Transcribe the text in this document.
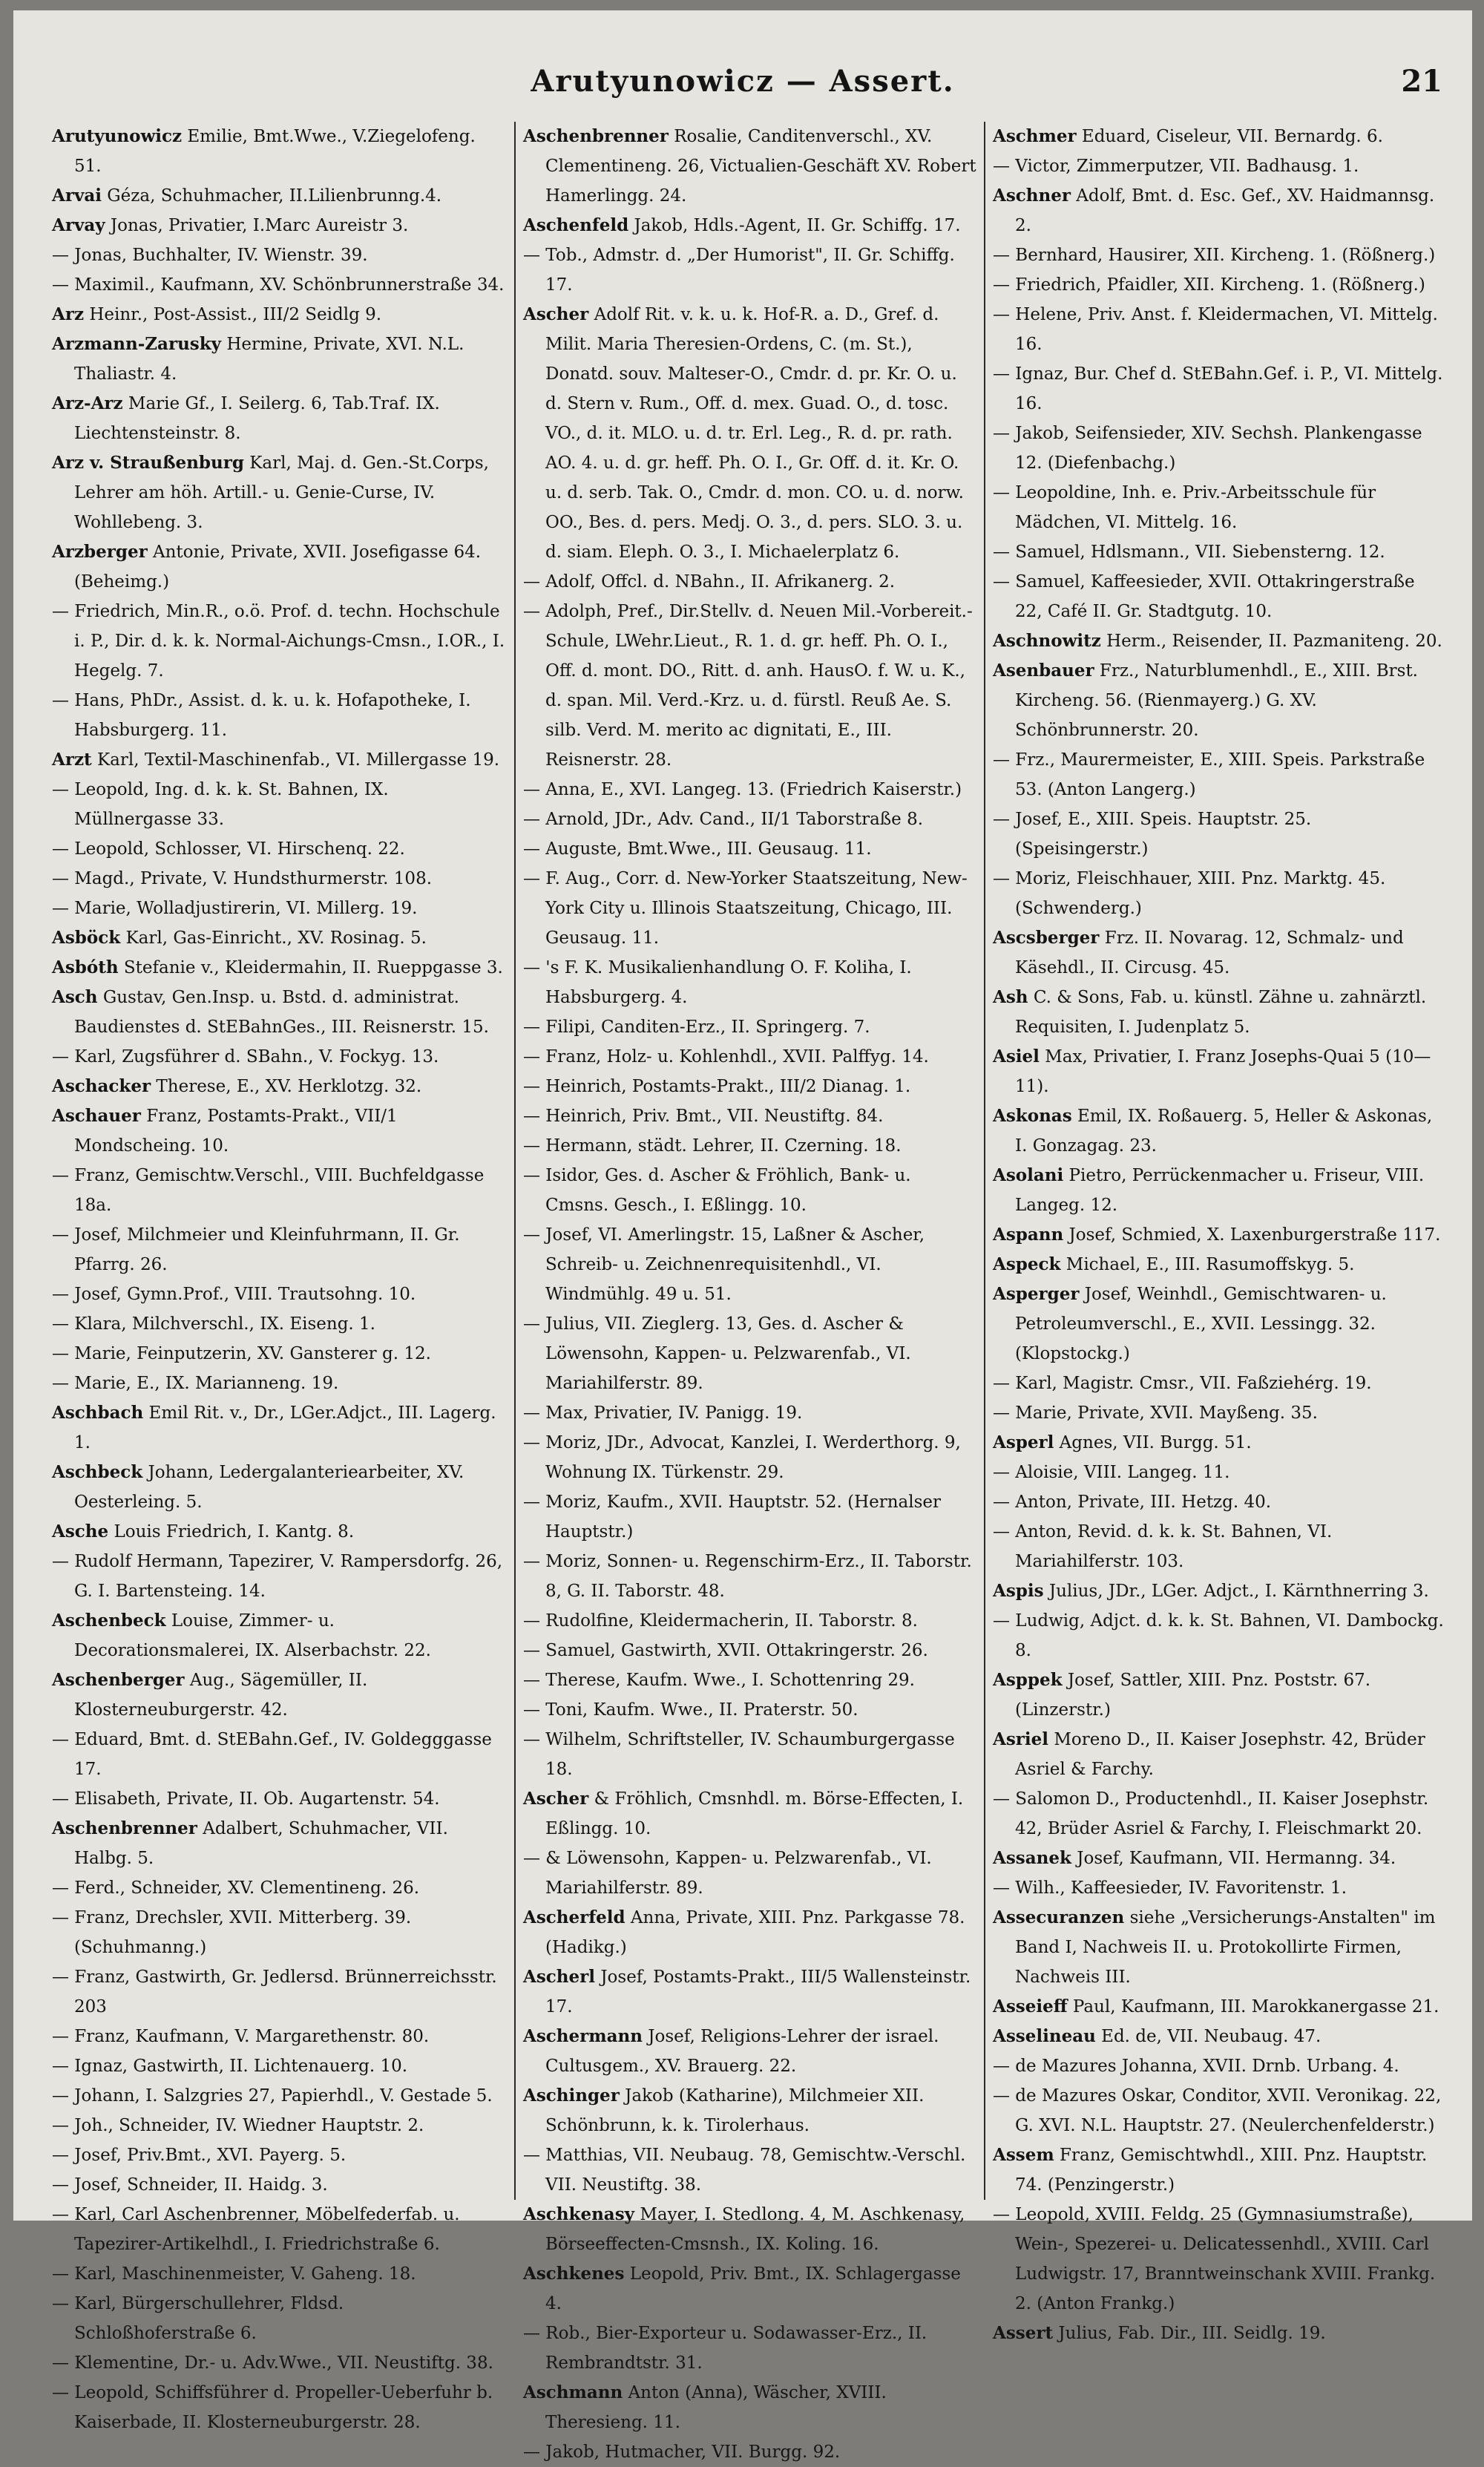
Arutyunowicz — Assert.	21
Arutyunowicz Emilie, Bmt.Wwe., V.Ziegelofeng. 51.
Arvai Géza, Schuhmacher, II.Lilienbrunng.4.
Arvay Jonas, Privatier, I.Marc Aureistr 3.
— Jonas, Buchhalter, IV. Wienstr. 39.
— Maximil., Kaufmann, XV. Schönbrunnerstraße 34.
Arz Heinr., Post-Assist., III/2 Seidlg 9.
Arzmann-Zarusky Hermine, Private, XVI. N.L. Thaliastr. 4.
Arz-Arz Marie Gf., I. Seilerg. 6, Tab.Traf. IX. Liechtensteinstr. 8.
Arz v. Straußenburg Karl, Maj. d. Gen.-St.Corps, Lehrer am höh. Artill.- u. Genie-Curse, IV. Wohllebeng. 3.
Arzberger Antonie, Private, XVII. Josefigasse 64. (Beheimg.)
— Friedrich, Min.R., o.ö. Prof. d. techn. Hochschule i. P., Dir. d. k. k. Normal-Aichungs-Cmsn., I.OR., I. Hegelg. 7.
— Hans, PhDr., Assist. d. k. u. k. Hofapotheke, I. Habsburgerg. 11.
Arzt Karl, Textil-Maschinenfab., VI. Millergasse 19.
— Leopold, Ing. d. k. k. St. Bahnen, IX. Müllnergasse 33.
— Leopold, Schlosser, VI. Hirschenq. 22.
— Magd., Private, V. Hundsthurmerstr. 108.
— Marie, Wolladjustirerin, VI. Millerg. 19.
Asböck Karl, Gas-Einricht., XV. Rosinag. 5.
Asbóth Stefanie v., Kleidermahin, II. Rueppgasse 3.
Asch Gustav, Gen.Insp. u. Bstd. d. administrat. Baudienstes d. StEBahnGes., III. Reisnerstr. 15.
— Karl, Zugsführer d. SBahn., V. Fockyg. 13.
Aschacker Therese, E., XV. Herklotzg. 32.
Aschauer Franz, Postamts-Prakt., VII/1 Mondscheing. 10.
— Franz, Gemischtw.Verschl., VIII. Buchfeldgasse 18a.
— Josef, Milchmeier und Kleinfuhrmann, II. Gr. Pfarrg. 26.
— Josef, Gymn.Prof., VIII. Trautsohng. 10.
— Klara, Milchverschl., IX. Eiseng. 1.
— Marie, Feinputzerin, XV. Gansterer g. 12.
— Marie, E., IX. Marianneng. 19.
Aschbach Emil Rit. v., Dr., LGer.Adjct., III. Lagerg. 1.
Aschbeck Johann, Ledergalanteriearbeiter, XV. Oesterleing. 5.
Asche Louis Friedrich, I. Kantg. 8.
— Rudolf Hermann, Tapezirer, V. Rampersdorfg. 26, G. I. Bartensteing. 14.
Aschenbeck Louise, Zimmer- u. Decorationsmalerei, IX. Alserbachstr. 22.
Aschenberger Aug., Sägemüller, II. Klosterneuburgerstr. 42.
— Eduard, Bmt. d. StEBahn.Gef., IV. Goldegggasse 17.
— Elisabeth, Private, II. Ob. Augartenstr. 54.
Aschenbrenner Adalbert, Schuhmacher, VII. Halbg. 5.
— Ferd., Schneider, XV. Clementineng. 26.
— Franz, Drechsler, XVII. Mitterberg. 39. (Schuhmanng.)
— Franz, Gastwirth, Gr. Jedlersd. Brünnerreichsstr. 203
— Franz, Kaufmann, V. Margarethenstr. 80.
— Ignaz, Gastwirth, II. Lichtenauerg. 10.
— Johann, I. Salzgries 27, Papierhdl., V. Gestade 5.
— Joh., Schneider, IV. Wiedner Hauptstr. 2.
— Josef, Priv.Bmt., XVI. Payerg. 5.
— Josef, Schneider, II. Haidg. 3.
— Karl, Carl Aschenbrenner, Möbelfederfab. u. Tapezirer-Artikelhdl., I. Friedrichstraße 6.
— Karl, Maschinenmeister, V. Gaheng. 18.
— Karl, Bürgerschullehrer, Fldsd. Schloßhoferstraße 6.
— Klementine, Dr.- u. Adv.Wwe., VII. Neustiftg. 38.
— Leopold, Schiffsführer d. Propeller-Ueberfuhr b. Kaiserbade, II. Klosterneuburgerstr. 28.
Aschenbrenner Rosalie, Canditenverschl., XV. Clementineng. 26, Victualien-Geschäft XV. Robert Hamerlingg. 24.
Aschenfeld Jakob, Hdls.-Agent, II. Gr. Schiffg. 17.
— Tob., Admstr. d. „Der Humorist", II. Gr. Schiffg. 17.
Ascher Adolf Rit. v. k. u. k. Hof-R. a. D., Gref. d. Milit. Maria Theresien-Ordens, C. (m. St.), Donatd. souv. Malteser-O., Cmdr. d. pr. Kr. O. u. d. Stern v. Rum., Off. d. mex. Guad. O., d. tosc. VO., d. it. MLO. u. d. tr. Erl. Leg., R. d. pr. rath. AO. 4. u. d. gr. heff. Ph. O. I., Gr. Off. d. it. Kr. O. u. d. serb. Tak. O., Cmdr. d. mon. CO. u. d. norw. OO., Bes. d. pers. Medj. O. 3., d. pers. SLO. 3. u. d. siam. Eleph. O. 3., I. Michaelerplatz 6.
— Adolf, Offcl. d. NBahn., II. Afrikanerg. 2.
— Adolph, Pref., Dir.Stellv. d. Neuen Mil.-Vorbereit.-Schule, LWehr.Lieut., R. 1. d. gr. heff. Ph. O. I., Off. d. mont. DO., Ritt. d. anh. HausO. f. W. u. K., d. span. Mil. Verd.-Krz. u. d. fürstl. Reuß Ae. S. silb. Verd. M. merito ac dignitati, E., III. Reisnerstr. 28.
— Anna, E., XVI. Langeg. 13. (Friedrich Kaiserstr.)
— Arnold, JDr., Adv. Cand., II/1 Taborstraße 8.
— Auguste, Bmt.Wwe., III. Geusaug. 11.
— F. Aug., Corr. d. New-Yorker Staatszeitung, New-York City u. Illinois Staatszeitung, Chicago, III. Geusaug. 11.
— 's F. K. Musikalienhandlung O. F. Koliha, I. Habsburgerg. 4.
— Filipi, Canditen-Erz., II. Springerg. 7.
— Franz, Holz- u. Kohlenhdl., XVII. Palffyg. 14.
— Heinrich, Postamts-Prakt., III/2 Dianag. 1.
— Heinrich, Priv. Bmt., VII. Neustiftg. 84.
— Hermann, städt. Lehrer, II. Czerning. 18.
— Isidor, Ges. d. Ascher & Fröhlich, Bank- u. Cmsns. Gesch., I. Eßlingg. 10.
— Josef, VI. Amerlingstr. 15, Laßner & Ascher, Schreib- u. Zeichnenrequisitenhdl., VI. Windmühlg. 49 u. 51.
— Julius, VII. Zieglerg. 13, Ges. d. Ascher & Löwensohn, Kappen- u. Pelzwarenfab., VI. Mariahilferstr. 89.
— Max, Privatier, IV. Panigg. 19.
— Moriz, JDr., Advocat, Kanzlei, I. Werderthorg. 9, Wohnung IX. Türkenstr. 29.
— Moriz, Kaufm., XVII. Hauptstr. 52. (Hernalser Hauptstr.)
— Moriz, Sonnen- u. Regenschirm-Erz., II. Taborstr. 8, G. II. Taborstr. 48.
— Rudolfine, Kleidermacherin, II. Taborstr. 8.
— Samuel, Gastwirth, XVII. Ottakringerstr. 26.
— Therese, Kaufm. Wwe., I. Schottenring 29.
— Toni, Kaufm. Wwe., II. Praterstr. 50.
— Wilhelm, Schriftsteller, IV. Schaumburgergasse 18.
Ascher & Fröhlich, Cmsnhdl. m. Börse-Effecten, I. Eßlingg. 10.
— & Löwensohn, Kappen- u. Pelzwarenfab., VI. Mariahilferstr. 89.
Ascherfeld Anna, Private, XIII. Pnz. Parkgasse 78. (Hadikg.)
Ascherl Josef, Postamts-Prakt., III/5 Wallensteinstr. 17.
Aschermann Josef, Religions-Lehrer der israel. Cultusgem., XV. Brauerg. 22.
Aschinger Jakob (Katharine), Milchmeier XII. Schönbrunn, k. k. Tirolerhaus.
— Matthias, VII. Neubaug. 78, Gemischtw.-Verschl. VII. Neustiftg. 38.
Aschkenasy Mayer, I. Stedlong. 4, M. Aschkenasy, Börseeffecten-Cmsnsh., IX. Koling. 16.
Aschkenes Leopold, Priv. Bmt., IX. Schlagergasse 4.
— Rob., Bier-Exporteur u. Sodawasser-Erz., II. Rembrandtstr. 31.
Aschmann Anton (Anna), Wäscher, XVIII. Theresieng. 11.
— Jakob, Hutmacher, VII. Burgg. 92.
Aschmer Eduard, Ciseleur, VII. Bernardg. 6.
— Victor, Zimmerputzer, VII. Badhausg. 1.
Aschner Adolf, Bmt. d. Esc. Gef., XV. Haidmannsg. 2.
— Bernhard, Hausirer, XII. Kircheng. 1. (Rößnerg.)
— Friedrich, Pfaidler, XII. Kircheng. 1. (Rößnerg.)
— Helene, Priv. Anst. f. Kleidermachen, VI. Mittelg. 16.
— Ignaz, Bur. Chef d. StEBahn.Gef. i. P., VI. Mittelg. 16.
— Jakob, Seifensieder, XIV. Sechsh. Plankengasse 12. (Diefenbachg.)
— Leopoldine, Inh. e. Priv.-Arbeitsschule für Mädchen, VI. Mittelg. 16.
— Samuel, Hdlsmann., VII. Siebensterng. 12.
— Samuel, Kaffeesieder, XVII. Ottakringerstraße 22, Café II. Gr. Stadtgutg. 10.
Aschnowitz Herm., Reisender, II. Pazmaniteng. 20.
Asenbauer Frz., Naturblumenhdl., E., XIII. Brst. Kircheng. 56. (Rienmayerg.) G. XV. Schönbrunnerstr. 20.
— Frz., Maurermeister, E., XIII. Speis. Parkstraße 53. (Anton Langerg.)
— Josef, E., XIII. Speis. Hauptstr. 25. (Speisingerstr.)
— Moriz, Fleischhauer, XIII. Pnz. Marktg. 45. (Schwenderg.)
Ascsberger Frz. II. Novarag. 12, Schmalz- und Käsehdl., II. Circusg. 45.
Ash C. & Sons, Fab. u. künstl. Zähne u. zahnärztl. Requisiten, I. Judenplatz 5.
Asiel Max, Privatier, I. Franz Josephs-Quai 5 (10—11).
Askonas Emil, IX. Roßauerg. 5, Heller & Askonas, I. Gonzagag. 23.
Asolani Pietro, Perrückenmacher u. Friseur, VIII. Langeg. 12.
Aspann Josef, Schmied, X. Laxenburgerstraße 117.
Aspeck Michael, E., III. Rasumoffskyg. 5.
Asperger Josef, Weinhdl., Gemischtwaren- u. Petroleumverschl., E., XVII. Lessingg. 32. (Klopstockg.)
— Karl, Magistr. Cmsr., VII. Faßziehérg. 19.
— Marie, Private, XVII. Mayßeng. 35.
Asperl Agnes, VII. Burgg. 51.
— Aloisie, VIII. Langeg. 11.
— Anton, Private, III. Hetzg. 40.
— Anton, Revid. d. k. k. St. Bahnen, VI. Mariahilferstr. 103.
Aspis Julius, JDr., LGer. Adjct., I. Kärnthnerring 3.
— Ludwig, Adjct. d. k. k. St. Bahnen, VI. Dambockg. 8.
Asppek Josef, Sattler, XIII. Pnz. Poststr. 67. (Linzerstr.)
Asriel Moreno D., II. Kaiser Josephstr. 42, Brüder Asriel & Farchy.
— Salomon D., Productenhdl., II. Kaiser Josephstr. 42, Brüder Asriel & Farchy, I. Fleischmarkt 20.
Assanek Josef, Kaufmann, VII. Hermanng. 34.
— Wilh., Kaffeesieder, IV. Favoritenstr. 1.
Assecuranzen siehe „Versicherungs-Anstalten" im Band I, Nachweis II. u. Protokollirte Firmen, Nachweis III.
Asseieff Paul, Kaufmann, III. Marokkanergasse 21.
Asselineau Ed. de, VII. Neubaug. 47.
— de Mazures Johanna, XVII. Drnb. Urbang. 4.
— de Mazures Oskar, Conditor, XVII. Veronikag. 22, G. XVI. N.L. Hauptstr. 27. (Neulerchenfelderstr.)
Assem Franz, Gemischtwhdl., XIII. Pnz. Hauptstr. 74. (Penzingerstr.)
— Leopold, XVIII. Feldg. 25 (Gymnasiumstraße), Wein-, Spezerei- u. Delicatessenhdl., XVIII. Carl Ludwigstr. 17, Branntweinschank XVIII. Frankg. 2. (Anton Frankg.)
Assert Julius, Fab. Dir., III. Seidlg. 19.
